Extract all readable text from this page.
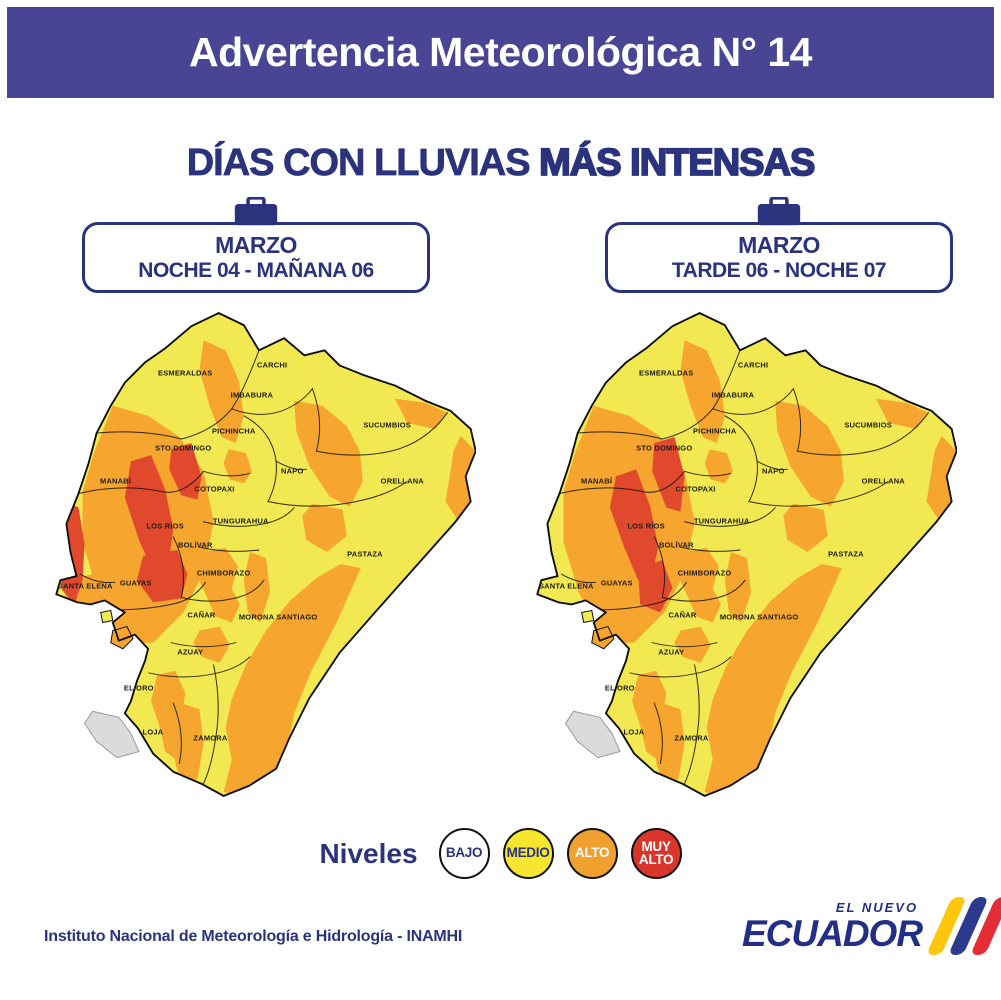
Advertencia Meteorológica N° 14
DÍAS CON LLUVIAS MÁS INTENSAS
MARZO
NOCHE 04 - MAÑANA 06
MARZO
TARDE 06 - NOCHE 07
ESMERALDAS
CARCHI
IMBABURA
PICHINCHA
STO DOMINGO
SUCUMBIOS
MANABÍ
NAPO
ORELLANA
COTOPAXI
LOS RÍOS
TUNGURAHUA
BOLÍVAR
PASTAZA
CHIMBORAZO
SANTA ELENA GUAYAS
CAÑAR	MORONA SANTIAGO
AZUAY
EL ORO
LOJA
ZAMORA
ESMERALDAS
CARCHI
IMBABURA
PICHINCHA
STO DOMINGO
SUCUMBIOS
MANABÍ
NAPO
ORELLANA
COTOPAXI
LOS RÍOS
TUNGURAHUA
BOLÍVAR
PASTAZA
CHIMBORAZO
SANTA ELENA GUAYAS
CAÑAR	MORONA SANTIAGO
AZUAY
EL ORO
LOJA
ZAMORA
Niveles	BAJO	MEDIO	ALTO	MUY ALTO
Instituto Nacional de Meteorología e Hidrología - INAMHI
EL NUEVO
ECUADOR
